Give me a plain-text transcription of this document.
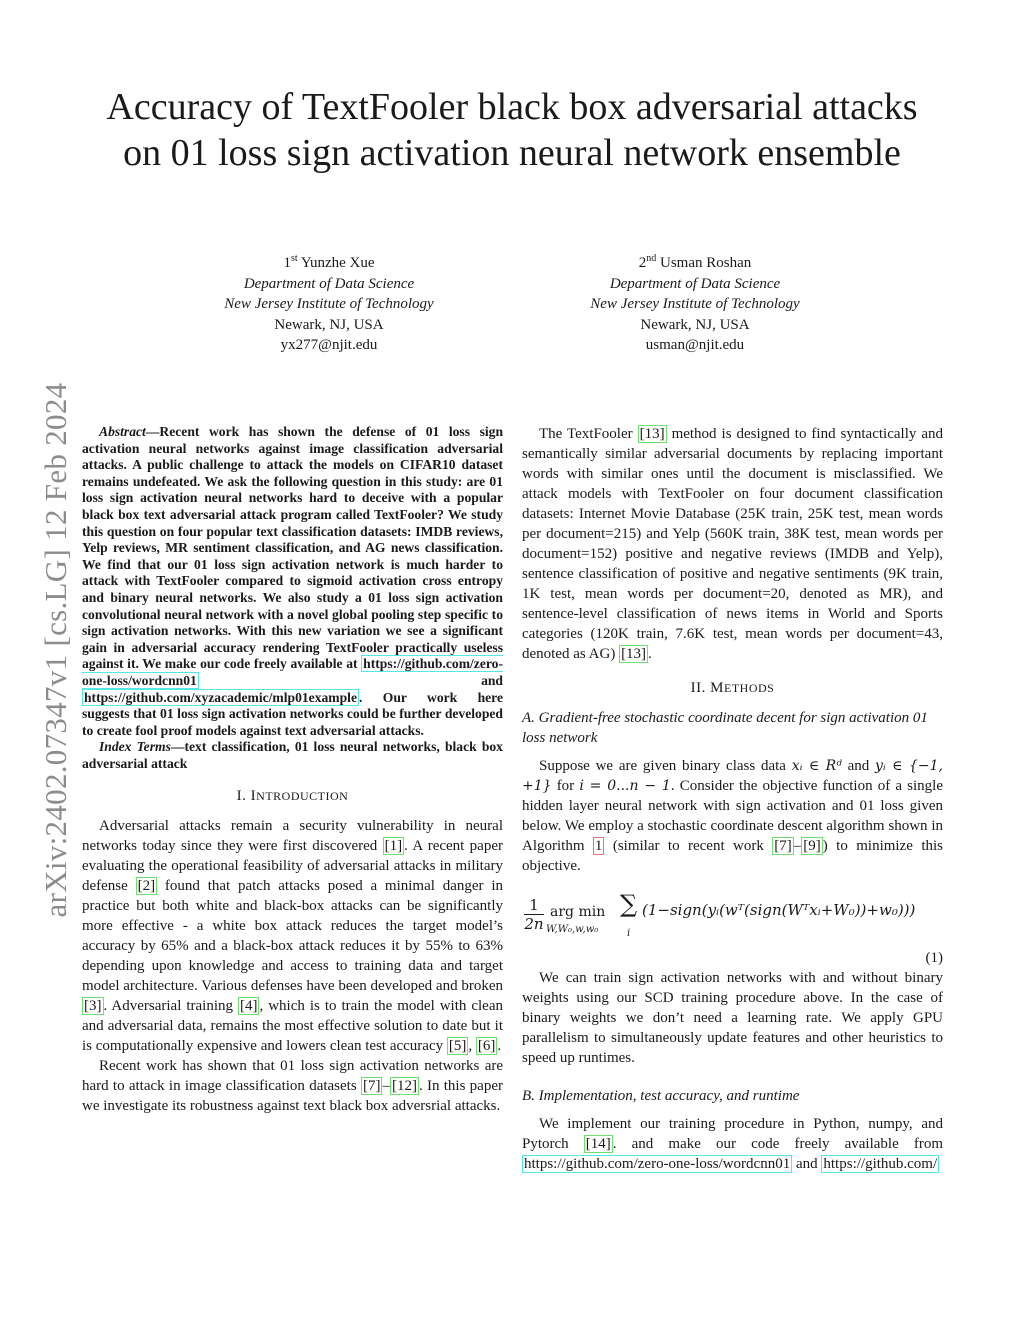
arXiv:2402.07347v1 [cs.LG] 12 Feb 2024
Accuracy of TextFooler black box adversarial attacks on 01 loss sign activation neural network ensemble
1st Yunzhe Xue
Department of Data Science
New Jersey Institute of Technology
Newark, NJ, USA
yx277@njit.edu
2nd Usman Roshan
Department of Data Science
New Jersey Institute of Technology
Newark, NJ, USA
usman@njit.edu

Abstract—Recent work has shown the defense of 01 loss sign activation neural networks against image classification adversarial attacks. A public challenge to attack the models on CIFAR10 dataset remains undefeated. We ask the following question in this study: are 01 loss sign activation neural networks hard to deceive with a popular black box text adversarial attack program called TextFooler? We study this question on four popular text classification datasets: IMDB reviews, Yelp reviews, MR sentiment classification, and AG news classification. We find that our 01 loss sign activation network is much harder to attack with TextFooler compared to sigmoid activation cross entropy and binary neural networks. We also study a 01 loss sign activation convolutional neural network with a novel global pooling step specific to sign activation networks. With this new variation we see a significant gain in adversarial accuracy rendering TextFooler practically useless against it. We make our code freely available at https://github.com/zero-one-loss/wordcnn01 and https://github.com/xyzacademic/mlp01example . Our work here suggests that 01 loss sign activation networks could be further developed to create fool proof models against text adversarial attacks.

Index Terms—text classification, 01 loss neural networks, black box adversarial attack

I. INTRODUCTION

Adversarial attacks remain a security vulnerability in neural networks today since they were first discovered [1] . A recent paper evaluating the operational feasibility of adversarial attacks in military defense [2] found that patch attacks posed a minimal danger in practice but both white and black-box attacks can be significantly more effective - a white box attack reduces the target model’s accuracy by 65% and a black-box attack reduces it by 55% to 63% depending upon knowledge and access to training data and target model architecture. Various defenses have been developed and broken [3] . Adversarial training [4] , which is to train the model with clean and adversarial data, remains the most effective solution to date but it is computationally expensive and lowers clean test accuracy [5] , [6] .

Recent work has shown that 01 loss sign activation networks are hard to attack in image classification datasets [7] – [12] . In this paper we investigate its robustness against text black box adversrial attacks.

The TextFooler [13] method is designed to find syntactically and semantically similar adversarial documents by replacing important words with similar ones until the document is misclassified. We attack models with TextFooler on four document classification datasets: Internet Movie Database (25K train, 25K test, mean words per document=215) and Yelp (560K train, 38K test, mean words per document=152) positive and negative reviews (IMDB and Yelp), sentence classification of positive and negative sentiments (9K train, 1K test, mean words per document=20, denoted as MR), and sentence-level classification of news items in World and Sports categories (120K train, 7.6K test, mean words per document=43, denoted as AG) [13] .

II. METHODS

A. Gradient-free stochastic coordinate decent for sign activation 01 loss network

Suppose we are given binary class data xᵢ ∈ Rᵈ and yᵢ ∈ {−1, +1} for i = 0...n − 1. Consider the objective function of a single hidden layer neural network with sign activation and 01 loss given below. We employ a stochastic coordinate descent algorithm shown in Algorithm 1 (similar to recent work [7] – [9] ) to minimize this objective.

$\frac{1}{2n}$ arg min
W,W₀,w,w₀
∑
i
(1−sign(yᵢ(wᵀ(sign(Wᵀxᵢ+W₀))+w₀)))

(1)

We can train sign activation networks with and without binary weights using our SCD training procedure above. In the case of binary weights we don’t need a learning rate. We apply GPU parallelism to simultaneously update features and other heuristics to speed up runtimes.

B. Implementation, test accuracy, and runtime

We implement our training procedure in Python, numpy, and Pytorch [14] . and make our code freely available from https://github.com/zero-one-loss/wordcnn01 and https://github.com/
